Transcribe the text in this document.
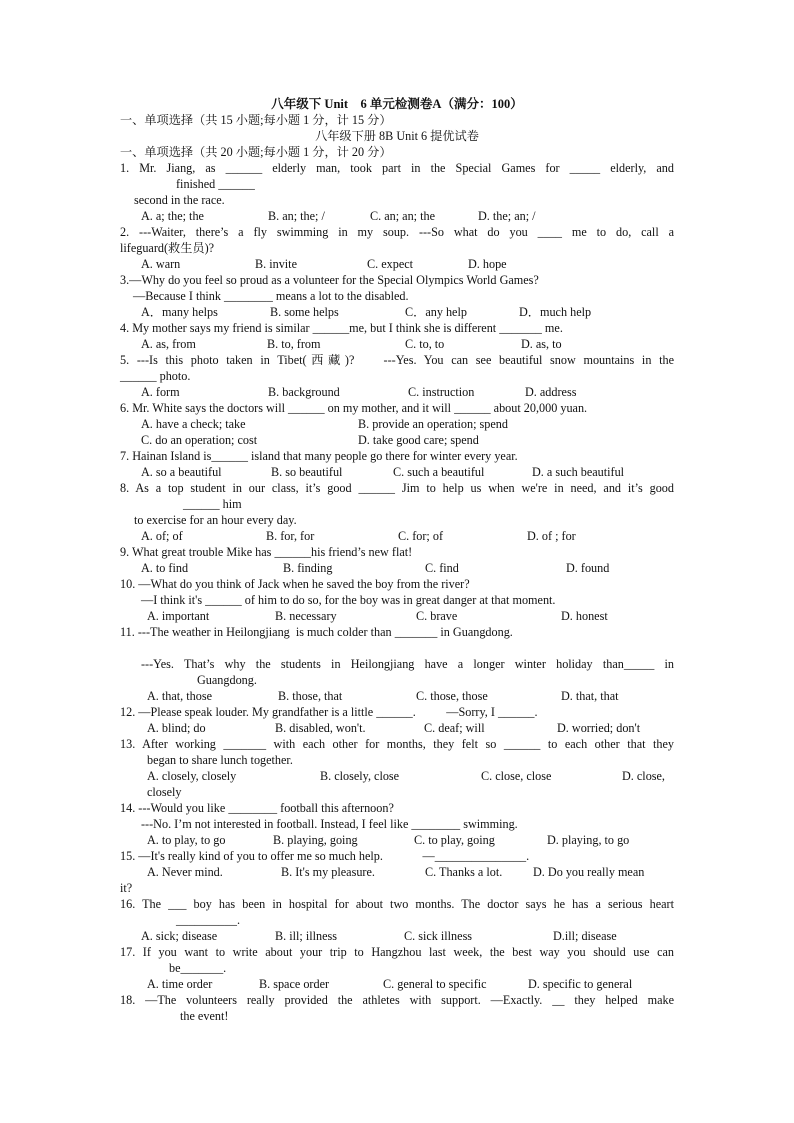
八年级下 Unit　6 单元检测卷A（满分：100）
一、单项选择（共 15 小题;每小题 1 分，计 15 分）
八年级下册 8B Unit 6 提优试卷
一、单项选择（共 20 小题;每小题 1 分，计 20 分）
1. Mr. Jiang, as ______ elderly man, took part in the Special Games for _____ elderly, and
finished ______
second in the race.
A. a; the; the	B. an; the; /	C. an; an; the	D. the; an; /
2. ---Waiter, there’s a fly swimming in my soup. ---So what do you ____ me to do, call a
lifeguard(救生员)?
A. warn	B. invite	C. expect	D. hope
3.—Why do you feel so proud as a volunteer for the Special Olympics World Games?
—Because I think ________ means a lot to the disabled.
A．many helps	B. some helps	C．any help	D．much help
4. My mother says my friend is similar ______me, but I think she is different _______ me.
A. as, from	B. to, from	C. to, to	D. as, to
5. ---Is this photo taken in Tibet(西藏)?　 ---Yes. You can see beautiful snow mountains in the
______ photo.
A. form	B. background	C. instruction	D. address
6. Mr. White says the doctors will ______ on my mother, and it will ______ about 20,000 yuan.
A. have a check; take	B. provide an operation; spend
C. do an operation; cost	D. take good care; spend
7. Hainan Island is______ island that many people go there for winter every year.
A. so a beautiful	B. so beautiful	C. such a beautiful	D. a such beautiful
8. As a top student in our class, it’s good ______ Jim to help us when we're in need, and it’s good
______ him
to exercise for an hour every day.
A. of; of	B. for, for	C. for; of	D. of ; for
9. What great trouble Mike has ______his friend’s new flat!
A. to find	B. finding	C. find	D. found
10. —What do you think of Jack when he saved the boy from the river?
—I think it's ______ of him to do so, for the boy was in great danger at that moment.
A. important	B. necessary	C. brave	D. honest
11. ---The weather in Heilongjiang  is much colder than _______ in Guangdong.
---Yes. That’s why the students in Heilongjiang have a longer winter holiday than_____ in
Guangdong.
A. that, those	B. those, that	C. those, those	D. that, that
12. —Please speak louder. My grandfather is a little ______.          —Sorry, I ______.
A. blind; do	B. disabled, won't.	C. deaf; will	D. worried; don't
13. After working _______ with each other for months, they felt so ______ to each other that they
began to share lunch together.
A. closely, closely	B. closely, close	C. close, close	D. close,
closely
14. ---Would you like ________ football this afternoon?
---No. I’m not interested in football. Instead, I feel like ________ swimming.
A. to play, to go	B. playing, going	C. to play, going	D. playing, to go
15. —It's really kind of you to offer me so much help.             —_______________.
A. Never mind.	B. It's my pleasure.	C. Thanks a lot.	D. Do you really mean
it?
16. The ___ boy has been in hospital for about two months. The doctor says he has a serious heart
__________.
A. sick; disease	B. ill; illness	C. sick illness	D.ill; disease
17. If you want to write about your trip to Hangzhou last week, the best way you should use can
be_______.
A. time order	B. space order	C. general to specific	D. specific to general
18. —The volunteers really provided the athletes with support. —Exactly. __ they helped make
the event!
